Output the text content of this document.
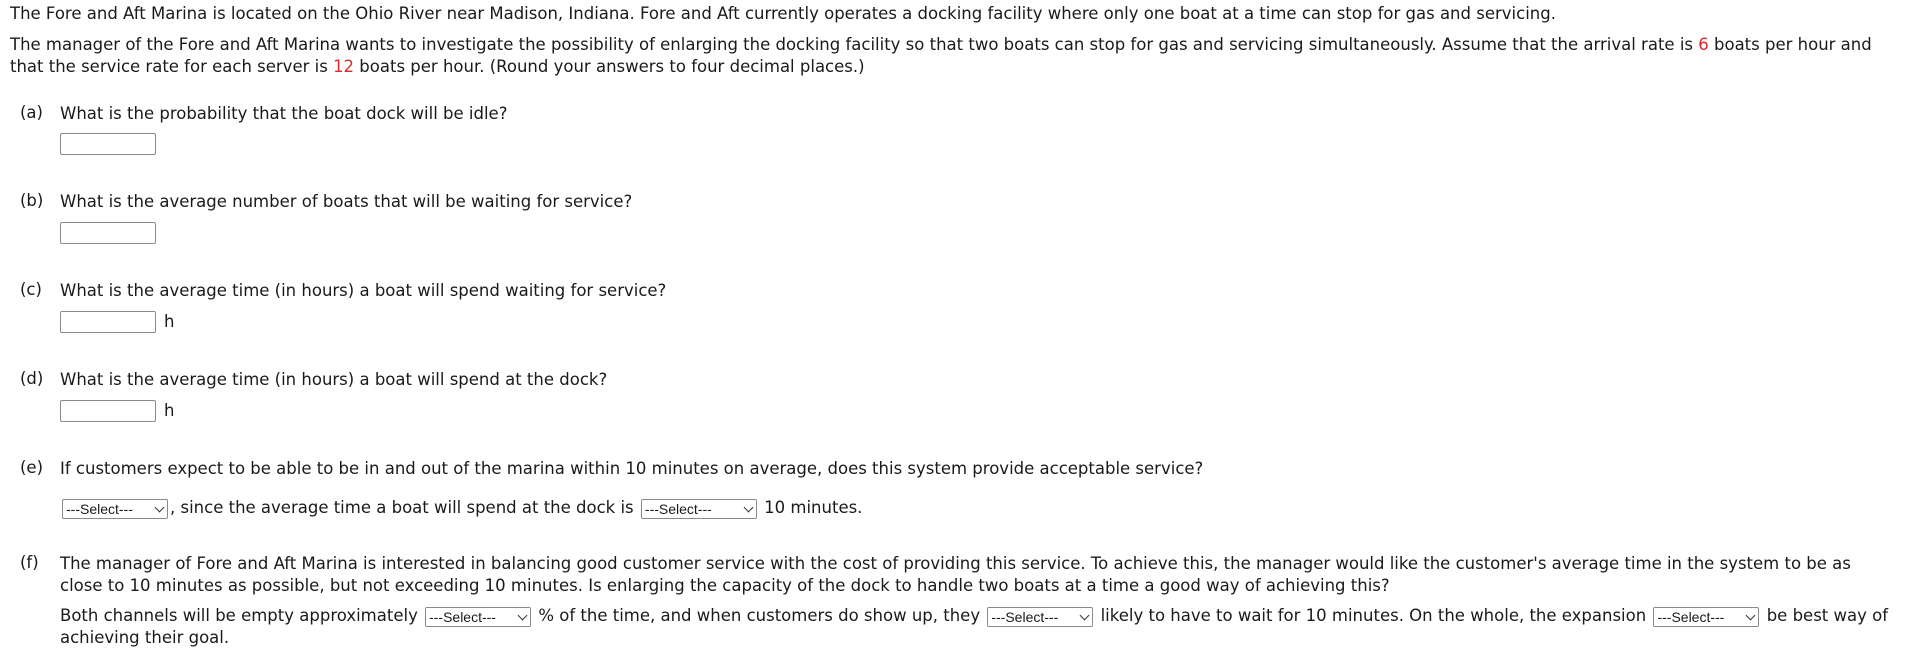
The Fore and Aft Marina is located on the Ohio River near Madison, Indiana. Fore and Aft currently operates a docking facility where only one boat at a time can stop for gas and servicing.

The manager of the Fore and Aft Marina wants to investigate the possibility of enlarging the docking facility so that two boats can stop for gas and servicing simultaneously. Assume that the arrival rate is 6 boats per hour and that the service rate for each server is 12 boats per hour. (Round your answers to four decimal places.)

(a) What is the probability that the boat dock will be idle?
(b) What is the average number of boats that will be waiting for service?
(c) What is the average time (in hours) a boat will spend waiting for service?
h
(d) What is the average time (in hours) a boat will spend at the dock?
h
(e) If customers expect to be able to be in and out of the marina within 10 minutes on average, does this system provide acceptable service?
---Select--- , since the average time a boat will spend at the dock is ---Select---	10 minutes.
(f) The manager of Fore and Aft Marina is interested in balancing good customer service with the cost of providing this service. To achieve this, the manager would like the customer's average time in the system to be as close to 10 minutes as possible, but not exceeding 10 minutes. Is enlarging the capacity of the dock to handle two boats at a time a good way of achieving this?
Both channels will be empty approximately ---Select---	% of the time, and when customers do show up, they ---Select---	likely to have to wait for 10 minutes. On the whole, the expansion ---Select---	be best way of achieving their goal.
